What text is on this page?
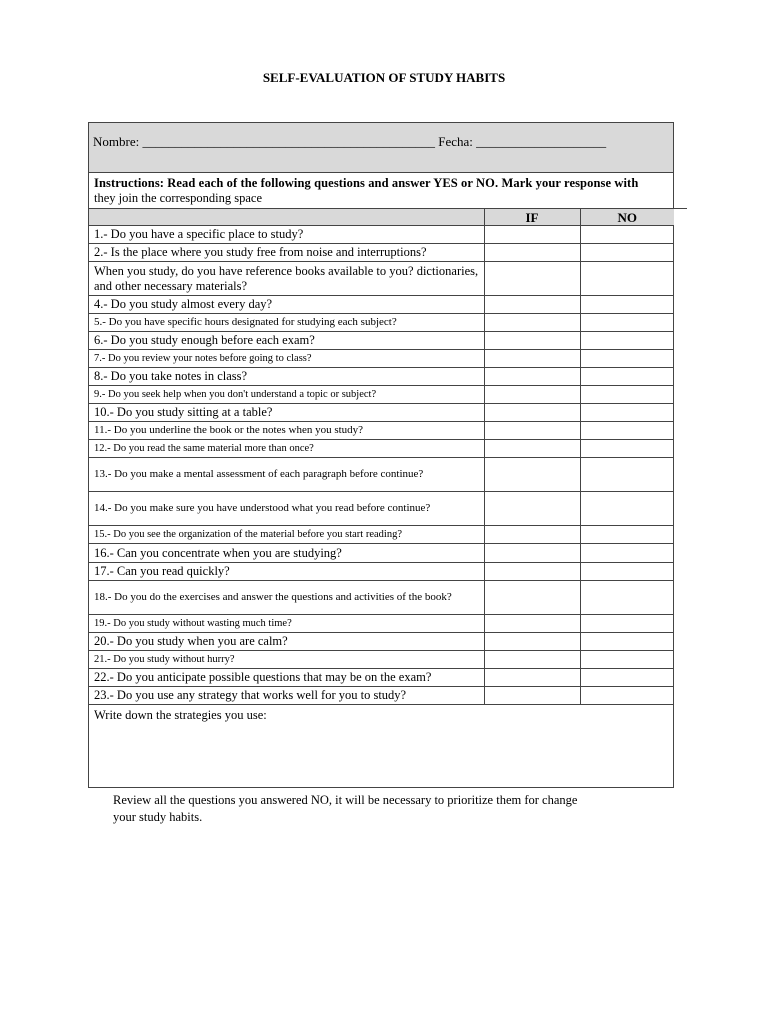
SELF-EVALUATION OF STUDY HABITS
Nombre: _____________________________________________ Fecha: ____________________
Instructions: Read each of the following questions and answer YES or NO. Mark your response with
they join the corresponding space
	IF	NO
1.- Do you have a specific place to study?		
2.- Is the place where you study free from noise and interruptions?		
When you study, do you have reference books available to you? dictionaries, and other necessary materials?		
4.- Do you study almost every day?		
5.- Do you have specific hours designated for studying each subject?		
6.- Do you study enough before each exam?		
7.- Do you review your notes before going to class?		
8.- Do you take notes in class?		
9.- Do you seek help when you don't understand a topic or subject?		
10.- Do you study sitting at a table?		
11.- Do you underline the book or the notes when you study?		
12.- Do you read the same material more than once?		
13.- Do you make a mental assessment of each paragraph before continue?		
14.- Do you make sure you have understood what you read before continue?		
15.- Do you see the organization of the material before you start reading?		
16.- Can you concentrate when you are studying?		
17.- Can you read quickly?		
18.- Do you do the exercises and answer the questions and activities of the book?		
19.- Do you study without wasting much time?		
20.- Do you study when you are calm?		
21.- Do you study without hurry?		
22.- Do you anticipate possible questions that may be on the exam?		
23.- Do you use any strategy that works well for you to study?		
Write down the strategies you use:
Review all the questions you answered NO, it will be necessary to prioritize them for change your study habits.
